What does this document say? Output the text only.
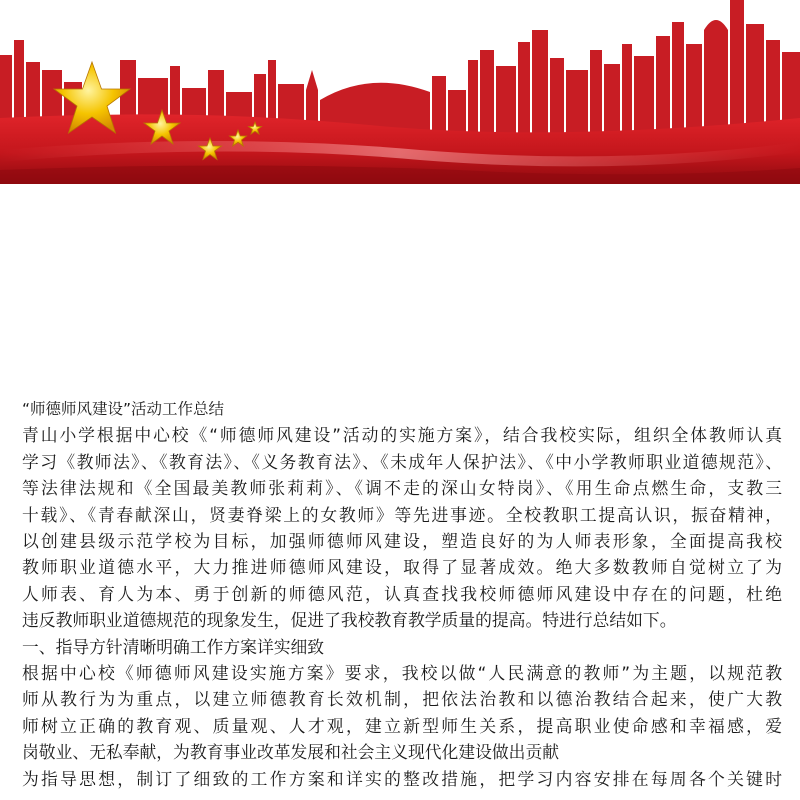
“师德师风建设”活动工作总结

青山小学根据中心校《“师德师风建设”活动的实施方案》，结合我校实际，组织全体教师认真

学习《教师法》、《教育法》、《义务教育法》、《未成年人保护法》、《中小学教师职业道德规范》、

等法律法规和《全国最美教师张莉莉》、《调不走的深山女特岗》、《用生命点燃生命，支教三

十载》、《青春献深山，贤妻脊梁上的女教师》等先进事迹。全校教职工提高认识，振奋精神，

以创建县级示范学校为目标，加强师德师风建设，塑造良好的为人师表形象，全面提高我校

教师职业道德水平，大力推进师德师风建设，取得了显著成效。绝大多数教师自觉树立了为

人师表、育人为本、勇于创新的师德风范，认真查找我校师德师风建设中存在的问题，杜绝

违反教师职业道德规范的现象发生，促进了我校教育教学质量的提高。特进行总结如下。

一、指导方针清晰明确工作方案详实细致

根据中心校《师德师风建设实施方案》要求，我校以做“人民满意的教师”为主题，以规范教

师从教行为为重点，以建立师德教育长效机制，把依法治教和以德治教结合起来，使广大教

师树立正确的教育观、质量观、人才观，建立新型师生关系，提高职业使命感和幸福感，爱

岗敬业、无私奉献，为教育事业改革发展和社会主义现代化建设做出贡献

为指导思想，制订了细致的工作方案和详实的整改措施，把学习内容安排在每周各个关键时
